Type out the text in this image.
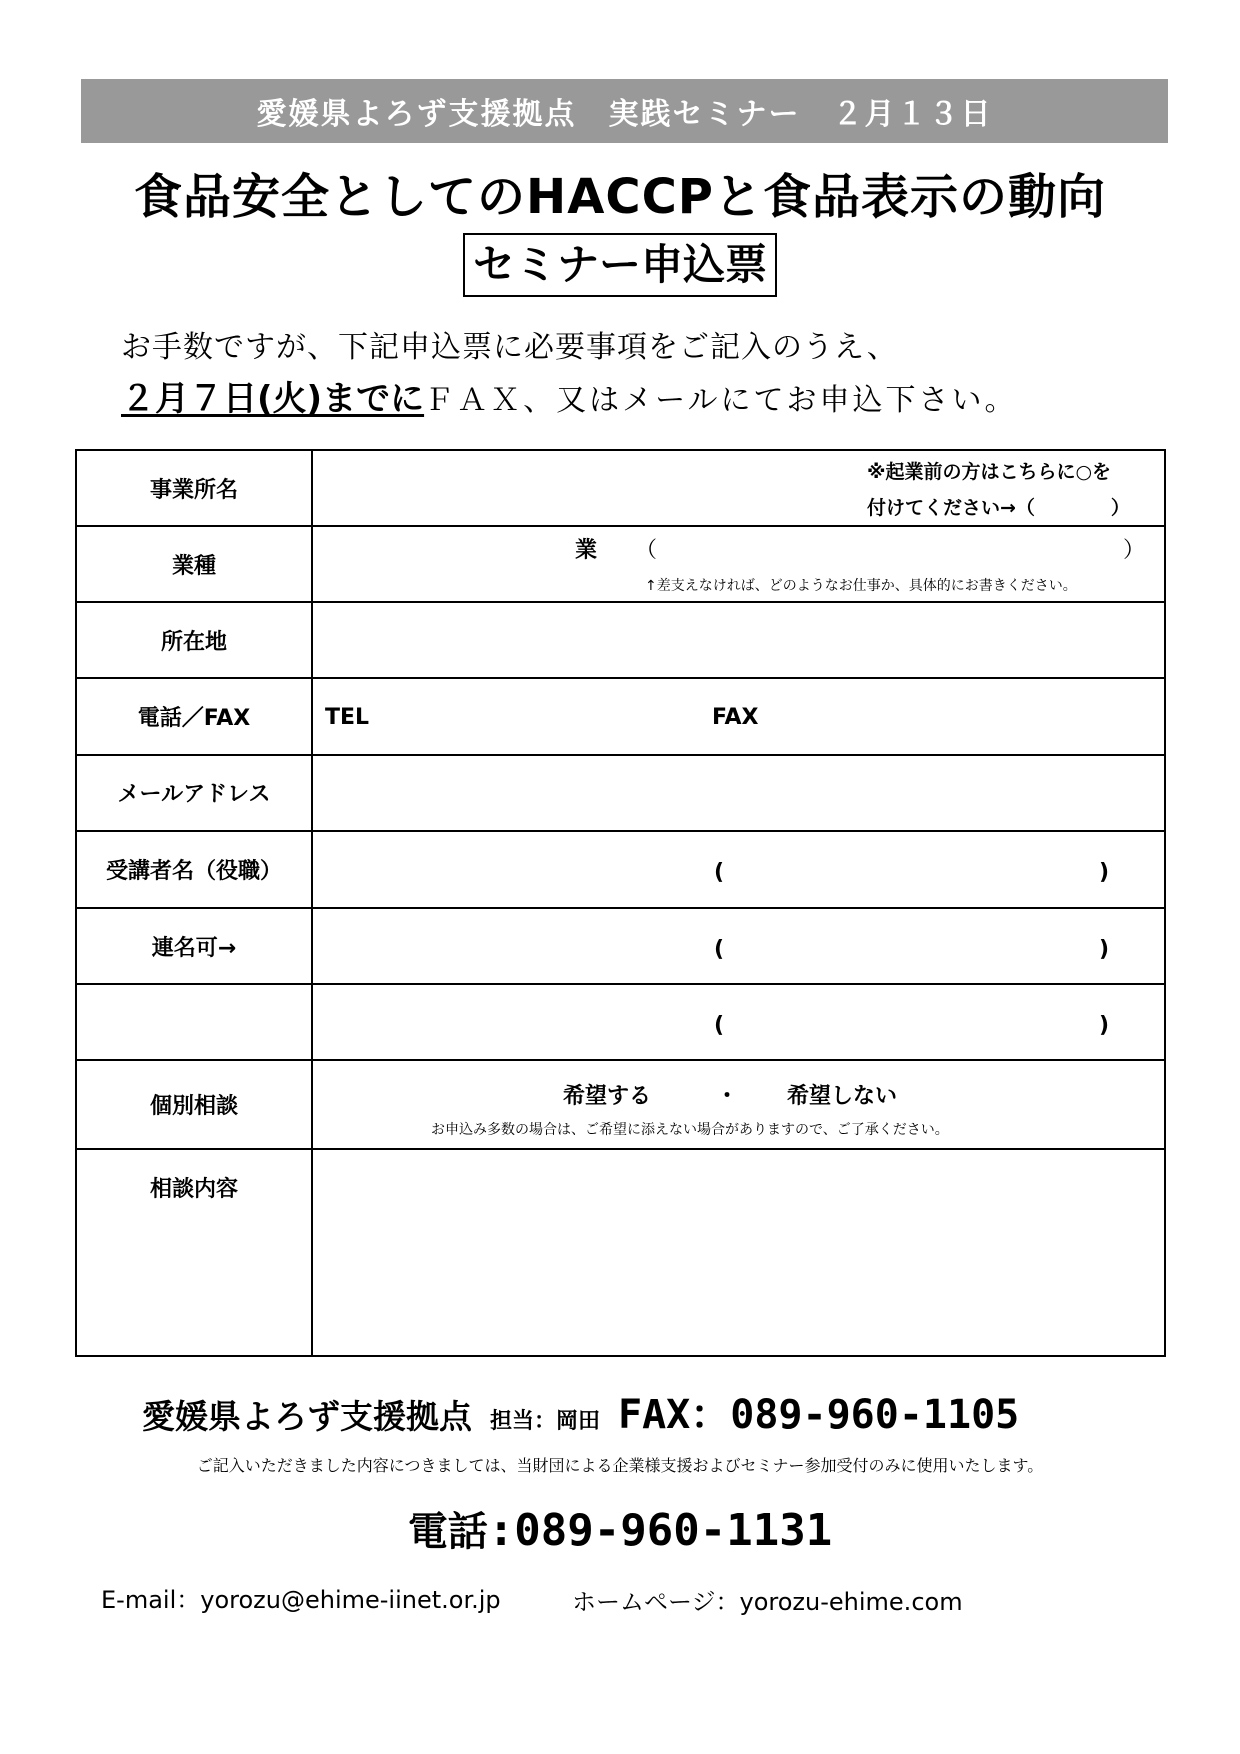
愛媛県よろず支援拠点　実践セミナー　２月１３日
食品安全としてのHACCPと食品表示の動向
セミナー申込票
お手数ですが、下記申込票に必要事項をご記入のうえ、
２月７日(火)までにＦＡＸ、又はメールにてお申込下さい。
事業所名	※起業前の方はこちらに○を
付けてください→（　　　　）

業種	業 （ ）
↑差支えなければ、どのようなお仕事か、具体的にお書きください。

所在地	
電話／FAX	TEL FAX

メールアドレス	
受講者名（役職）	( )

連名可→	( )

	( )

個別相談	希望する ・ 希望しない
お申込み多数の場合は、ご希望に添えない場合がありますので、ご了承ください。

相談内容	
愛媛県よろず支援拠点 担当：岡田 FAX：089-960-1105
ご記入いただきました内容につきましては、当財団による企業様支援およびセミナー参加受付のみに使用いたします。
電話:089-960-1131
E-mail：yorozu@ehime-iinet.or.jp	ホームページ：yorozu-ehime.com
